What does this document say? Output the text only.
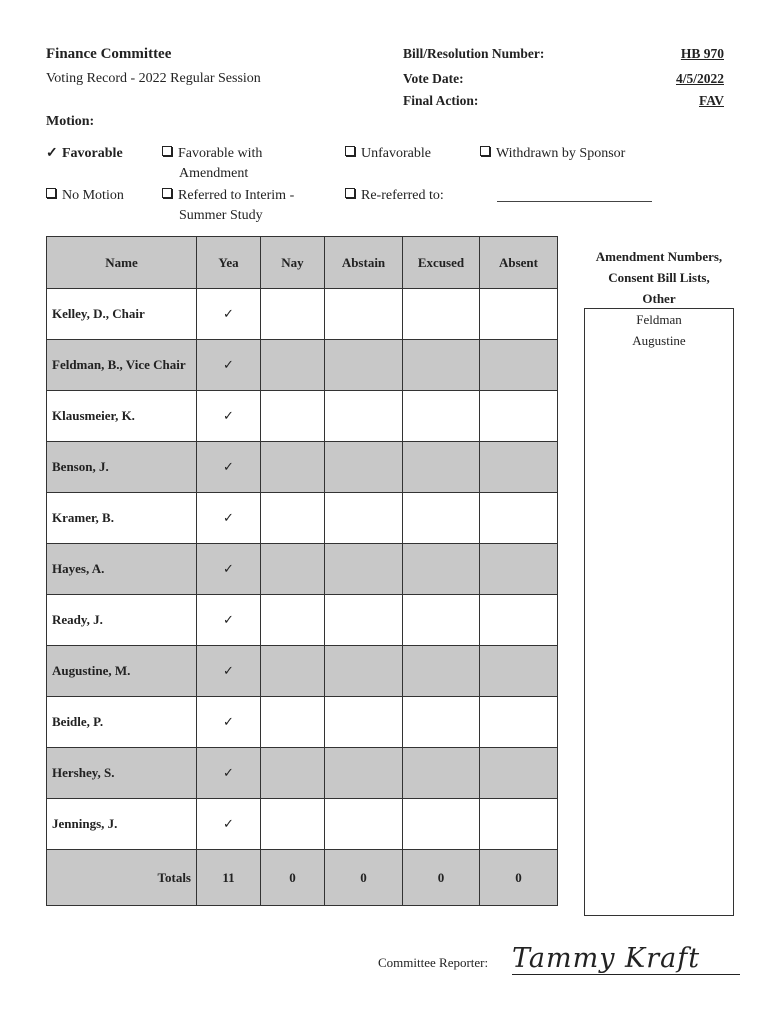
Finance Committee
Voting Record - 2022 Regular Session
Bill/Resolution Number:	HB 970
Vote Date:	4/5/2022
Final Action:	FAV
Motion:
✓ Favorable	Favorable with
Amendment
Unfavorable	Withdrawn by Sponsor
No Motion	Referred to Interim -
Summer Study
Re-referred to:
Name	Yea	Nay	Abstain	Excused	Absent
Kelley, D., Chair	✓				
Feldman, B., Vice Chair	✓				
Klausmeier, K.	✓				
Benson, J.	✓				
Kramer, B.	✓				
Hayes, A.	✓				
Ready, J.	✓				
Augustine, M.	✓				
Beidle, P.	✓				
Hershey, S.	✓				
Jennings, J.	✓				
Totals	11	0	0	0	0
Amendment Numbers,
Consent Bill Lists,
Other
Feldman
Augustine
Committee Reporter: Tammy Kraft
